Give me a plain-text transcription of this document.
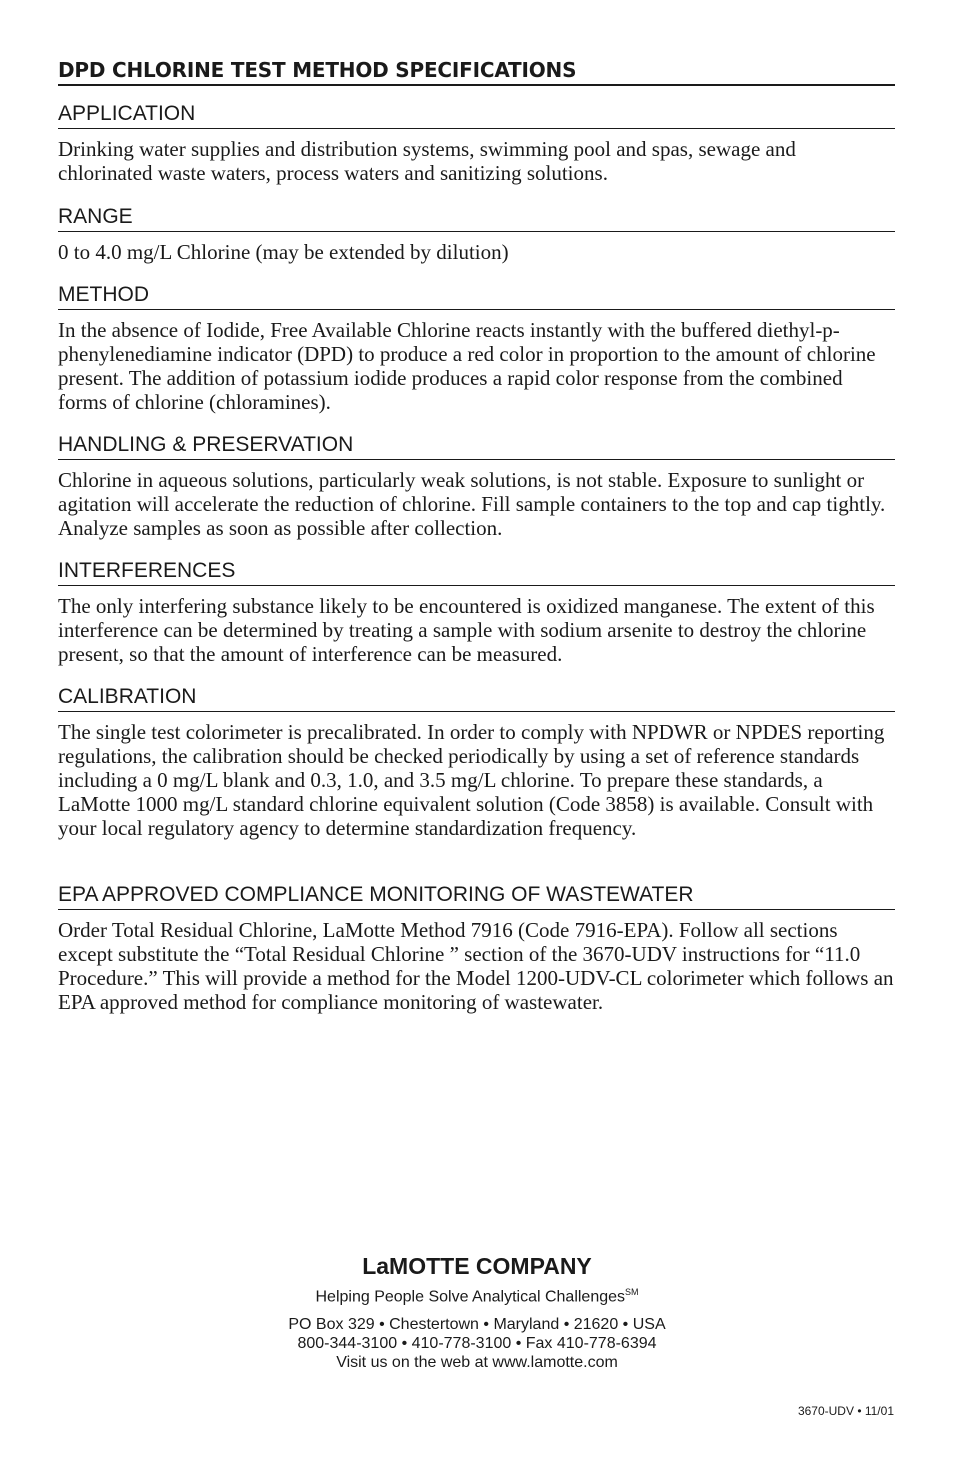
DPD CHLORINE TEST METHOD SPECIFICATIONS
APPLICATION
Drinking water supplies and distribution systems, swimming pool and spas, sewage and chlorinated waste waters, process waters and sanitizing solutions.
RANGE
0 to 4.0 mg/L Chlorine (may be extended by dilution)
METHOD
In the absence of Iodide, Free Available Chlorine reacts instantly with the buffered diethyl-p-phenylenediamine indicator (DPD) to produce a red color in proportion to the amount of chlorine present. The addition of potassium iodide produces a rapid color response from the combined forms of chlorine (chloramines).
HANDLING & PRESERVATION
Chlorine in aqueous solutions, particularly weak solutions, is not stable. Exposure to sunlight or agitation will accelerate the reduction of chlorine. Fill sample containers to the top and cap tightly. Analyze samples as soon as possible after collection.
INTERFERENCES
The only interfering substance likely to be encountered is oxidized manganese. The extent of this interference can be determined by treating a sample with sodium arsenite to destroy the chlorine present, so that the amount of interference can be measured.
CALIBRATION
The single test colorimeter is precalibrated. In order to comply with NPDWR or NPDES reporting regulations, the calibration should be checked periodically by using a set of reference standards including a 0 mg/L blank and 0.3, 1.0, and 3.5 mg/L chlorine. To prepare these standards, a LaMotte 1000 mg/L standard chlorine equivalent solution (Code 3858) is available. Consult with your local regulatory agency to determine standardization frequency.
EPA APPROVED COMPLIANCE MONITORING OF WASTEWATER
Order Total Residual Chlorine, LaMotte Method 7916 (Code 7916-EPA). Follow all sections except substitute the “Total Residual Chlorine ” section of the 3670-UDV instructions for “11.0 Procedure.” This will provide a method for the Model 1200-UDV-CL colorimeter which follows an EPA approved method for compliance monitoring of wastewater.
LaMOTTE COMPANY
Helping People Solve Analytical Challenges℠
PO Box 329 • Chestertown • Maryland • 21620 • USA
800-344-3100 • 410-778-3100 • Fax 410-778-6394
Visit us on the web at www.lamotte.com
3670-UDV • 11/01
